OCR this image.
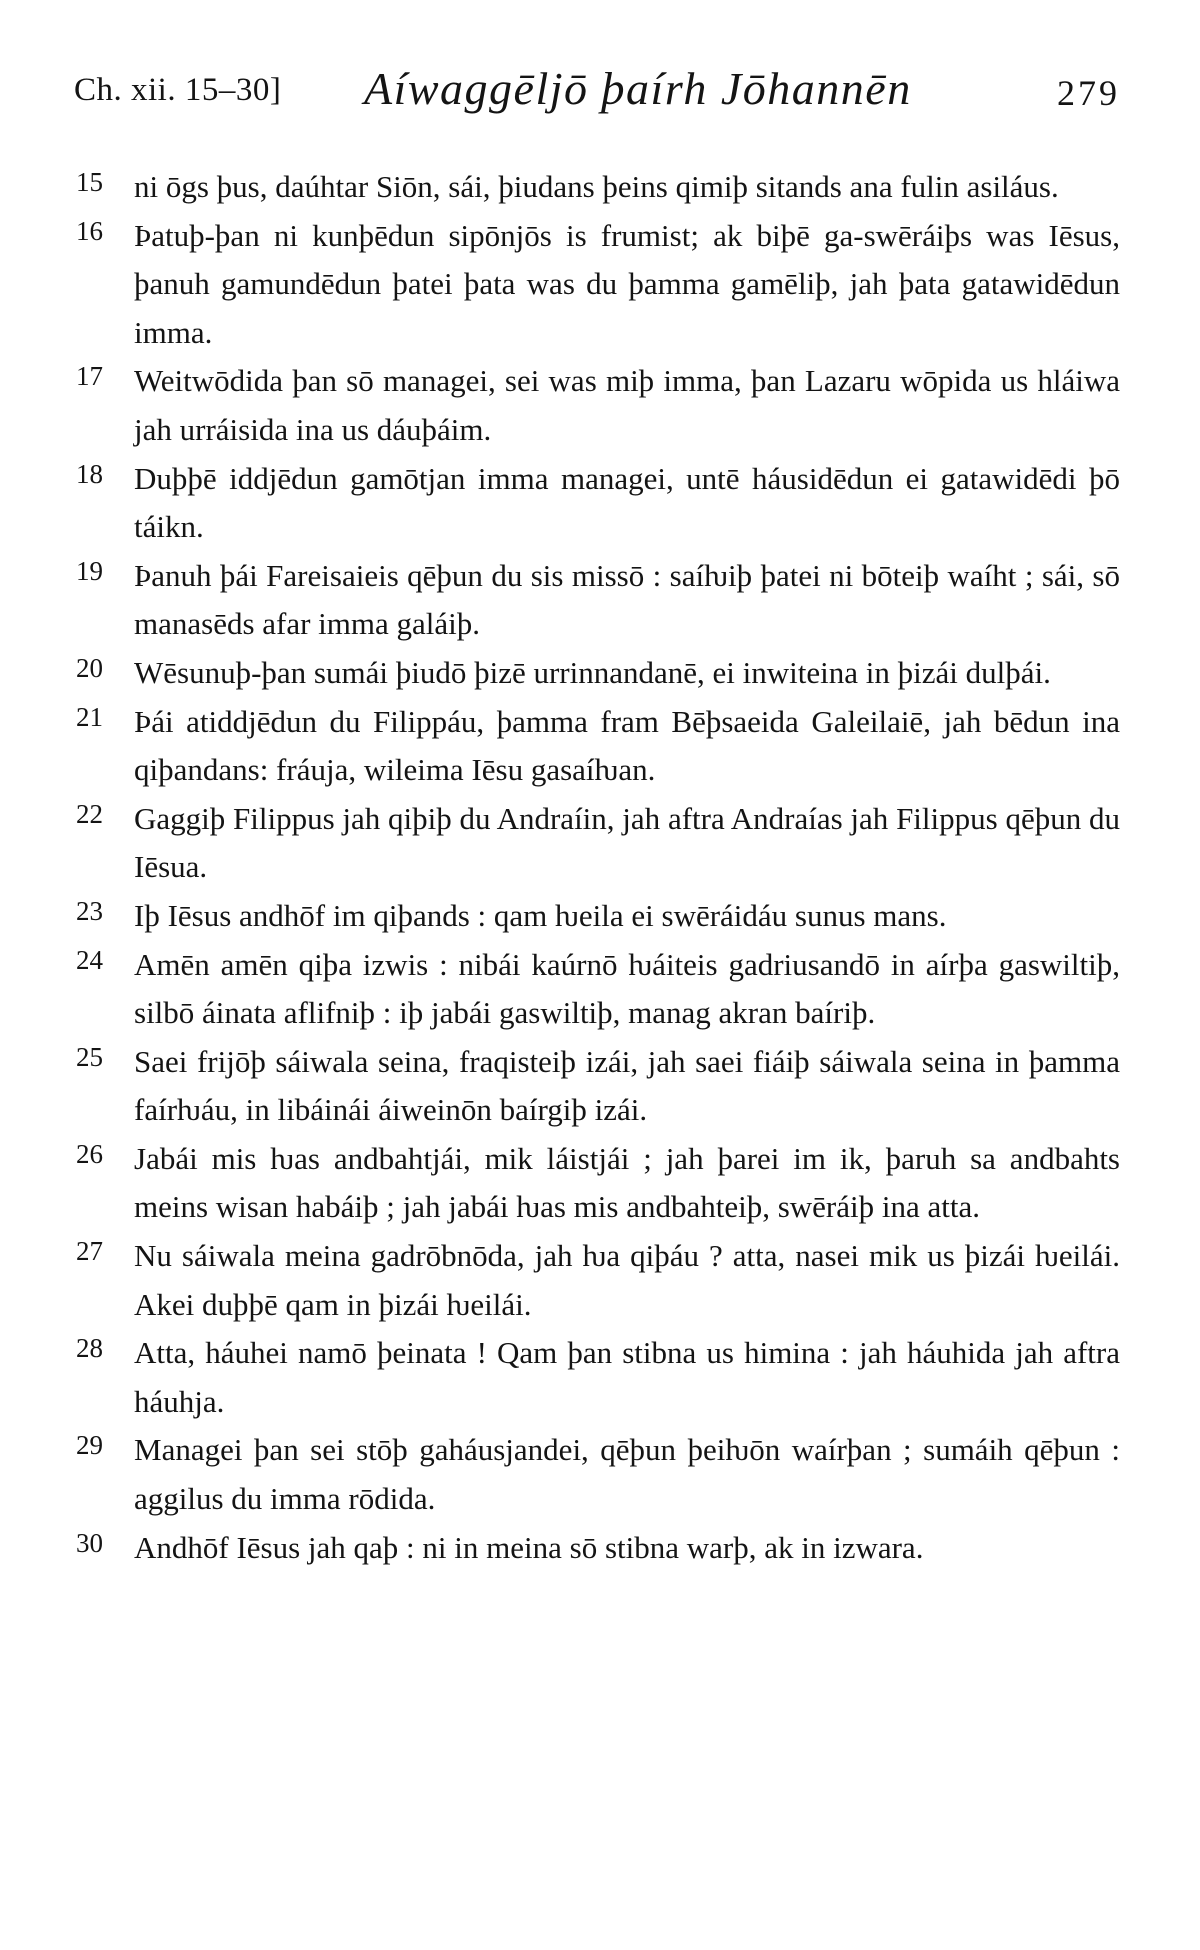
Ch. xii. 15–30] Aíwaggēljō þaírh Jōhannēn	279
15	ni ōgs þus, daúhtar Siōn, sái, þiudans þeins qimiþ sitands ana fulin asiláus.
16	Þatuþ-þan ni kunþēdun sipōnjōs is frumist; ak biþē ga-swēráiþs was Iēsus, þanuh gamundēdun þatei þata was du þamma gamēliþ, jah þata gatawidēdun imma.
17	Weitwōdida þan sō managei, sei was miþ imma, þan Lazaru wōpida us hláiwa jah urráisida ina us dáuþáim.
18	Duþþē iddjēdun gamōtjan imma managei, untē háusidēdun ei gatawidēdi þō táikn.
19	Þanuh þái Fareisaieis qēþun du sis missō : saíƕiþ þatei ni bōteiþ waíht ; sái, sō manasēds afar imma galáiþ.
20	Wēsunuþ-þan sumái þiudō þizē urrinnandanē, ei inwiteina in þizái dulþái.
21	Þái atiddjēdun du Filippáu, þamma fram Bēþsaeida Galeilaiē, jah bēdun ina qiþandans: fráuja, wileima Iēsu gasaíƕan.
22	Gaggiþ Filippus jah qiþiþ du Andraíin, jah aftra Andraías jah Filippus qēþun du Iēsua.
23	Iþ Iēsus andhōf im qiþands : qam ƕeila ei swēráidáu sunus mans.
24	Amēn amēn qiþa izwis : nibái kaúrnō ƕáiteis gadriusandō in aírþa gaswiltiþ, silbō áinata aflifniþ : iþ jabái gaswiltiþ, manag akran baíriþ.
25	Saei frijōþ sáiwala seina, fraqisteiþ izái, jah saei fiáiþ sáiwala seina in þamma faírƕáu, in libáinái áiweinōn baírgiþ izái.
26	Jabái mis ƕas andbahtjái, mik láistjái ; jah þarei im ik, þaruh sa andbahts meins wisan habáiþ ; jah jabái ƕas mis andbahteiþ, swēráiþ ina atta.
27	Nu sáiwala meina gadrōbnōda, jah ƕa qiþáu ? atta, nasei mik us þizái ƕeilái. Akei duþþē qam in þizái ƕeilái.
28	Atta, háuhei namō þeinata ! Qam þan stibna us himina : jah háuhida jah aftra háuhja.
29	Managei þan sei stōþ gaháusjandei, qēþun þeiƕōn waírþan ; sumáih qēþun : aggilus du imma rōdida.
30	Andhōf Iēsus jah qaþ : ni in meina sō stibna warþ, ak in izwara.
